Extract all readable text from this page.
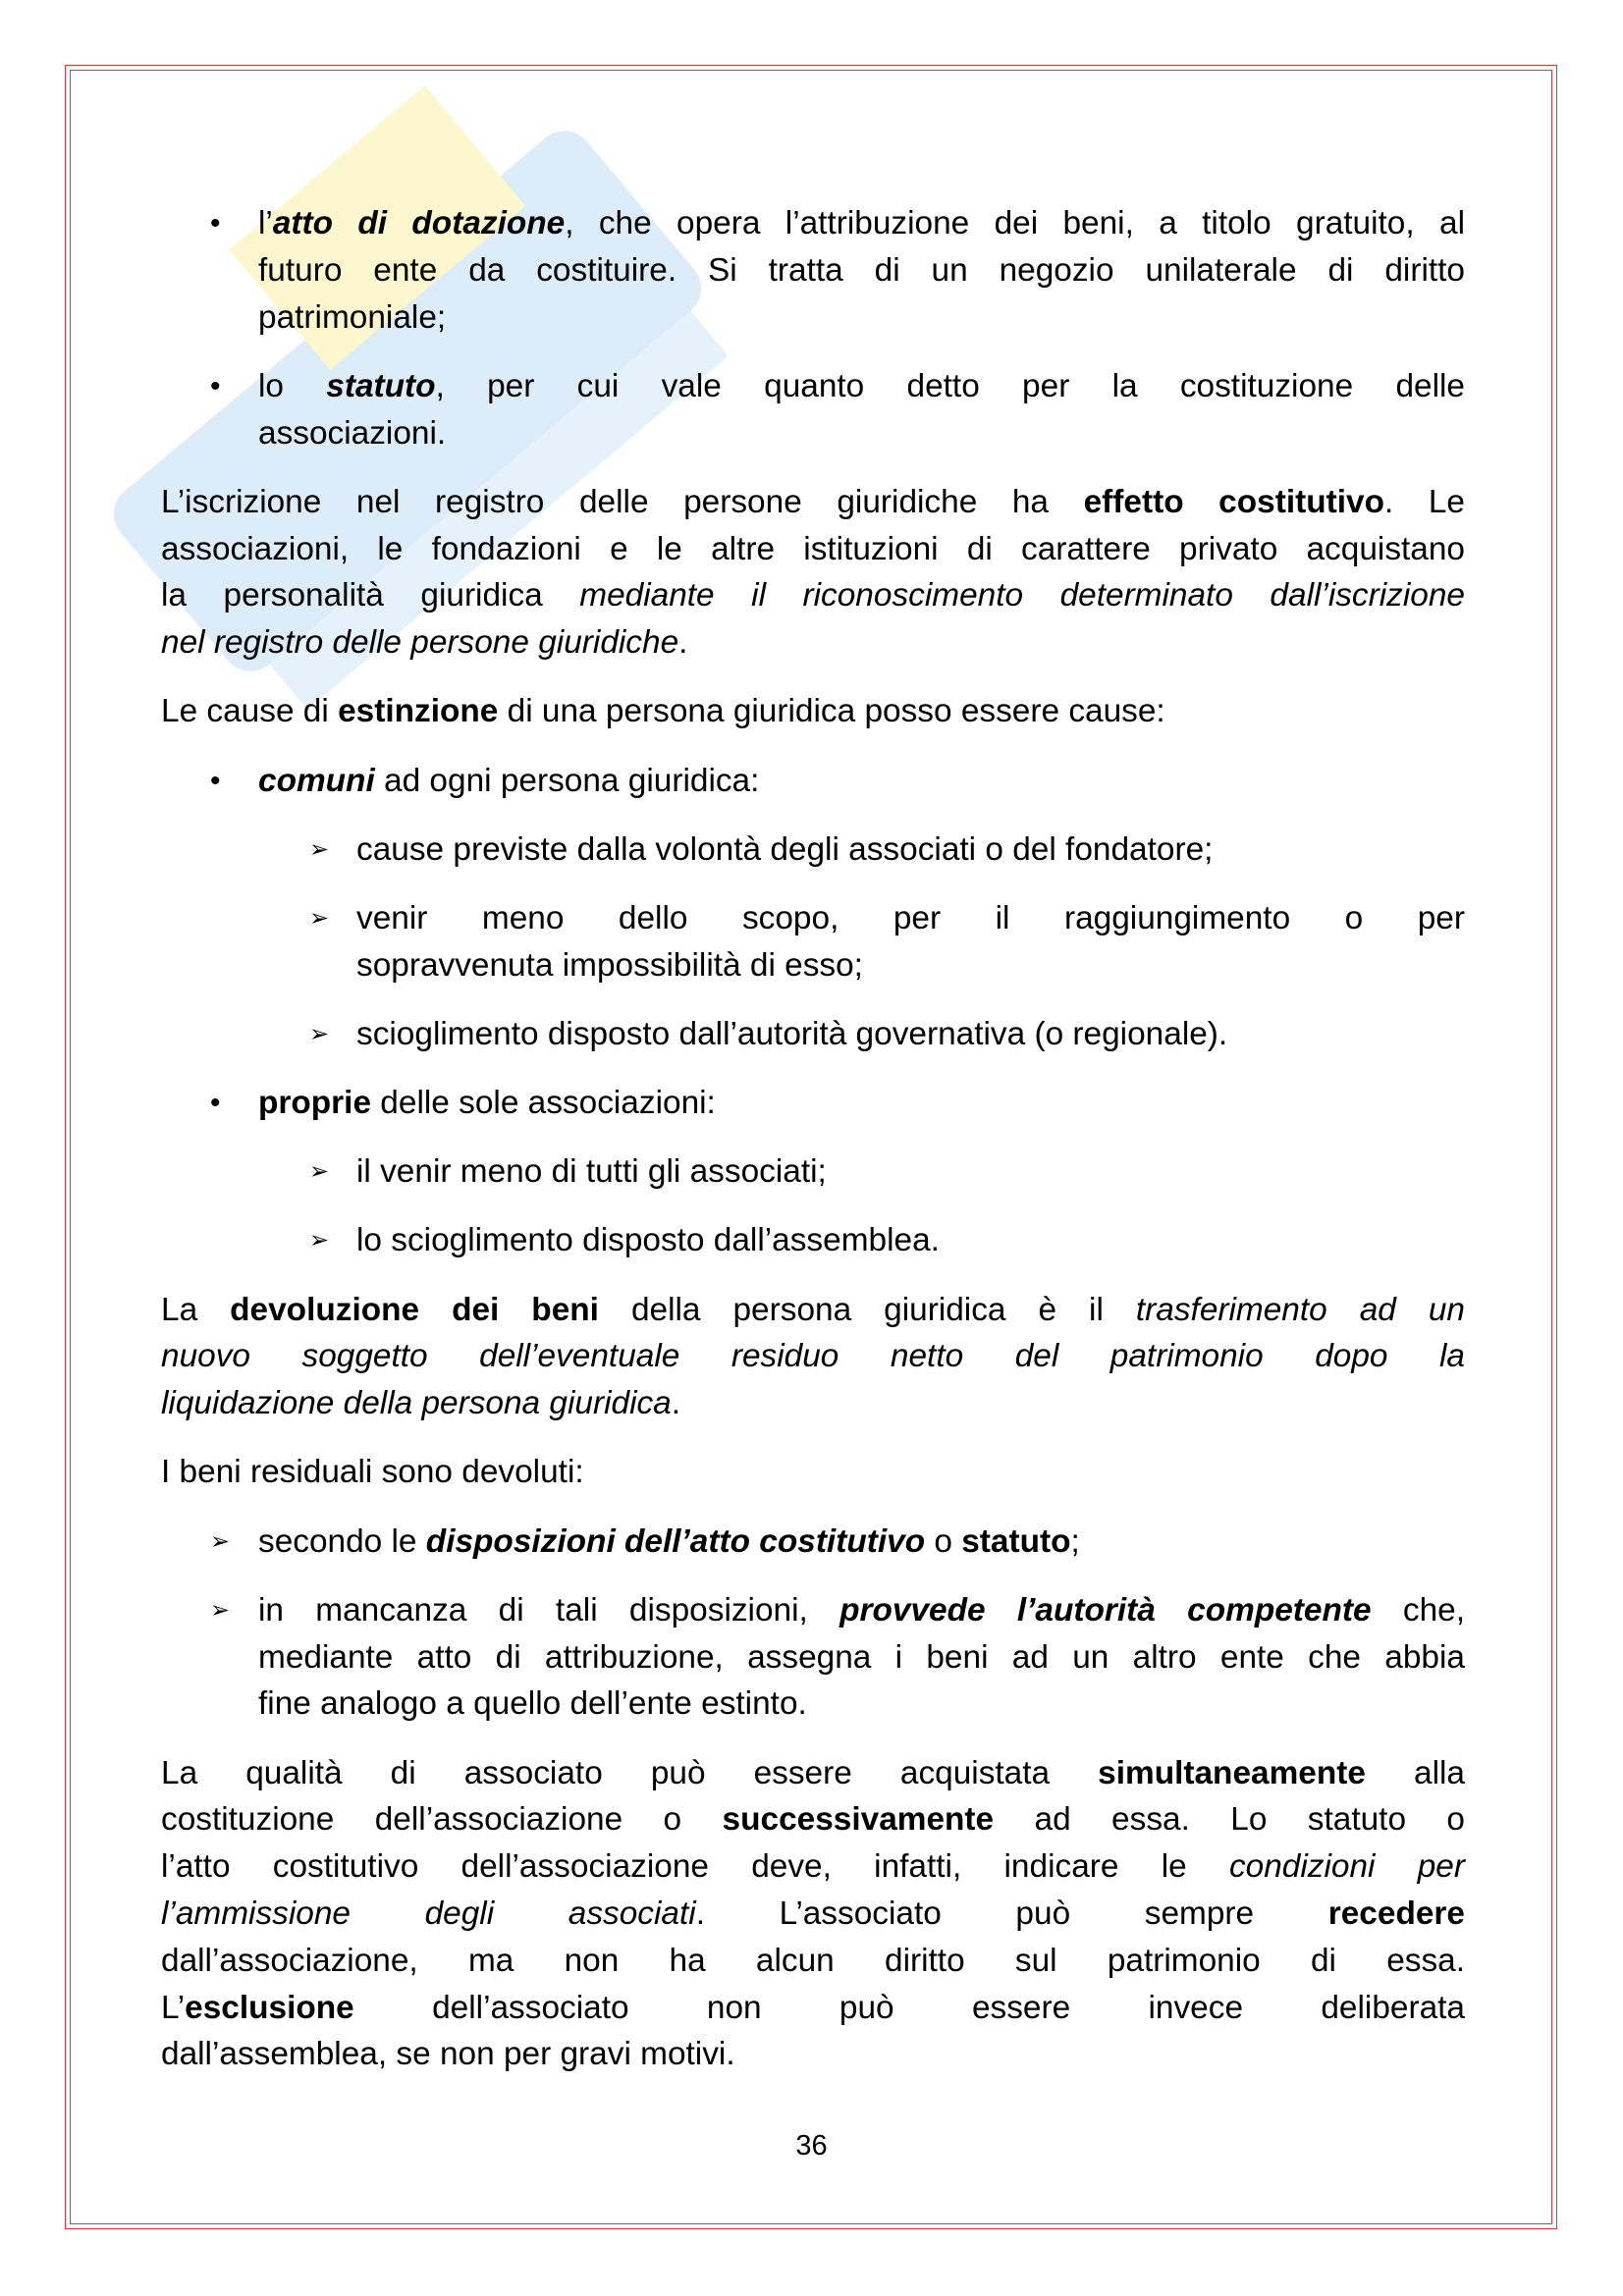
• l’atto di dotazione, che opera l’attribuzione dei beni, a titolo gratuito, al
futuro ente da costituire. Si tratta di un negozio unilaterale di diritto
patrimoniale;
• lo statuto, per cui vale quanto detto per la costituzione delle
associazioni.
L’iscrizione nel registro delle persone giuridiche ha effetto costitutivo. Le
associazioni, le fondazioni e le altre istituzioni di carattere privato acquistano
la personalità giuridica mediante il riconoscimento determinato dall’iscrizione
nel registro delle persone giuridiche.
Le cause di estinzione di una persona giuridica posso essere cause:
• comuni ad ogni persona giuridica:
➢ cause previste dalla volontà degli associati o del fondatore;
➢ venir meno dello scopo, per il raggiungimento o per
sopravvenuta impossibilità di esso;
➢ scioglimento disposto dall’autorità governativa (o regionale).
• proprie delle sole associazioni:
➢ il venir meno di tutti gli associati;
➢ lo scioglimento disposto dall’assemblea.
La devoluzione dei beni della persona giuridica è il trasferimento ad un
nuovo soggetto dell’eventuale residuo netto del patrimonio dopo la
liquidazione della persona giuridica.
I beni residuali sono devoluti:
➢ secondo le disposizioni dell’atto costitutivo o statuto;
➢ in mancanza di tali disposizioni, provvede l’autorità competente che,
mediante atto di attribuzione, assegna i beni ad un altro ente che abbia
fine analogo a quello dell’ente estinto.
La qualità di associato può essere acquistata simultaneamente alla
costituzione dell’associazione o successivamente ad essa. Lo statuto o
l’atto costitutivo dell’associazione deve, infatti, indicare le condizioni per
l’ammissione degli associati. L’associato può sempre recedere
dall’associazione, ma non ha alcun diritto sul patrimonio di essa.
L’esclusione dell’associato non può essere invece deliberata
dall’assemblea, se non per gravi motivi.
36
